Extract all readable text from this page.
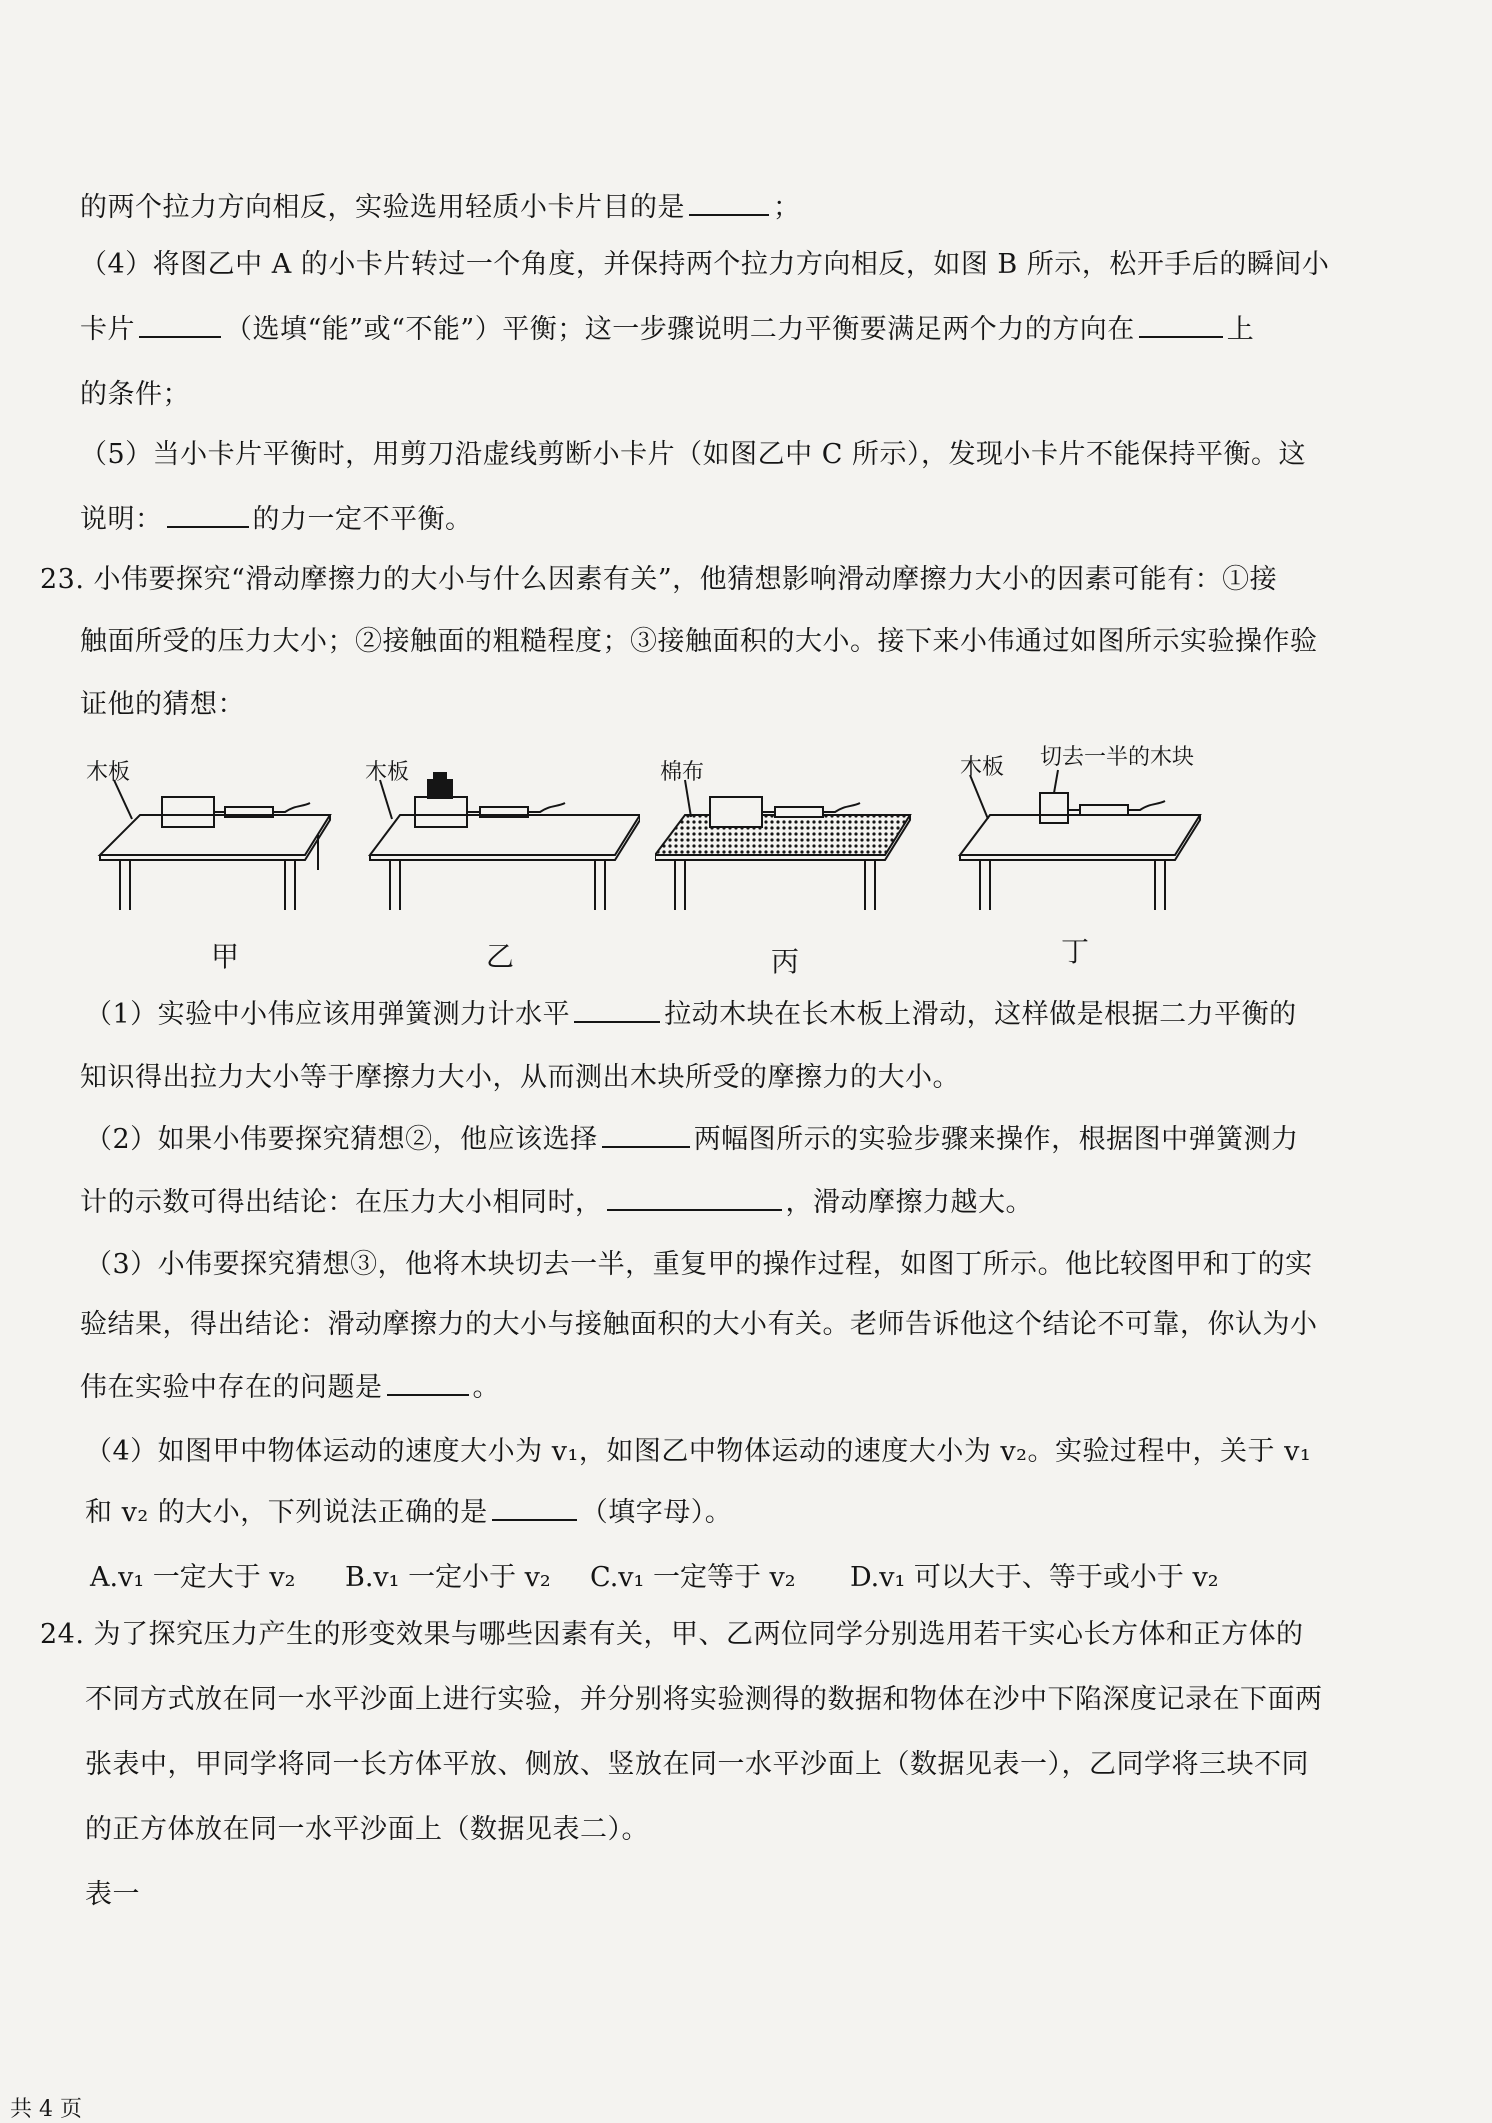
的两个拉力方向相反，实验选用轻质小卡片目的是	；
（4）将图乙中 A 的小卡片转过一个角度，并保持两个拉力方向相反，如图 B 所示，松开手后的瞬间小
卡片	（选填“能”或“不能”）平衡；这一步骤说明二力平衡要满足两个力的方向在	上
的条件；
（5）当小卡片平衡时，用剪刀沿虚线剪断小卡片（如图乙中 C 所示），发现小卡片不能保持平衡。这
说明：	的力一定不平衡。
23. 小伟要探究“滑动摩擦力的大小与什么因素有关”，他猜想影响滑动摩擦力大小的因素可能有：①接
触面所受的压力大小；②接触面的粗糙程度；③接触面积的大小。接下来小伟通过如图所示实验操作验
证他的猜想：
木板
甲
木板
乙
棉布
丙
木板 切去一半的木块
丁
（1）实验中小伟应该用弹簧测力计水平	拉动木块在长木板上滑动，这样做是根据二力平衡的
知识得出拉力大小等于摩擦力大小，从而测出木块所受的摩擦力的大小。
（2）如果小伟要探究猜想②，他应该选择	两幅图所示的实验步骤来操作，根据图中弹簧测力
计的示数可得出结论：在压力大小相同时，	，滑动摩擦力越大。
（3）小伟要探究猜想③，他将木块切去一半，重复甲的操作过程，如图丁所示。他比较图甲和丁的实
验结果，得出结论：滑动摩擦力的大小与接触面积的大小有关。老师告诉他这个结论不可靠，你认为小
伟在实验中存在的问题是	。
（4）如图甲中物体运动的速度大小为 v₁，如图乙中物体运动的速度大小为 v₂。实验过程中，关于 v₁
和 v₂ 的大小，下列说法正确的是	（填字母）。
A.v₁ 一定大于 v₂ B.v₁ 一定小于 v₂ C.v₁ 一定等于 v₂ D.v₁ 可以大于、等于或小于 v₂
24. 为了探究压力产生的形变效果与哪些因素有关，甲、乙两位同学分别选用若干实心长方体和正方体的
不同方式放在同一水平沙面上进行实验，并分别将实验测得的数据和物体在沙中下陷深度记录在下面两
张表中，甲同学将同一长方体平放、侧放、竖放在同一水平沙面上（数据见表一），乙同学将三块不同
的正方体放在同一水平沙面上（数据见表二）。
表一
共 4 页
